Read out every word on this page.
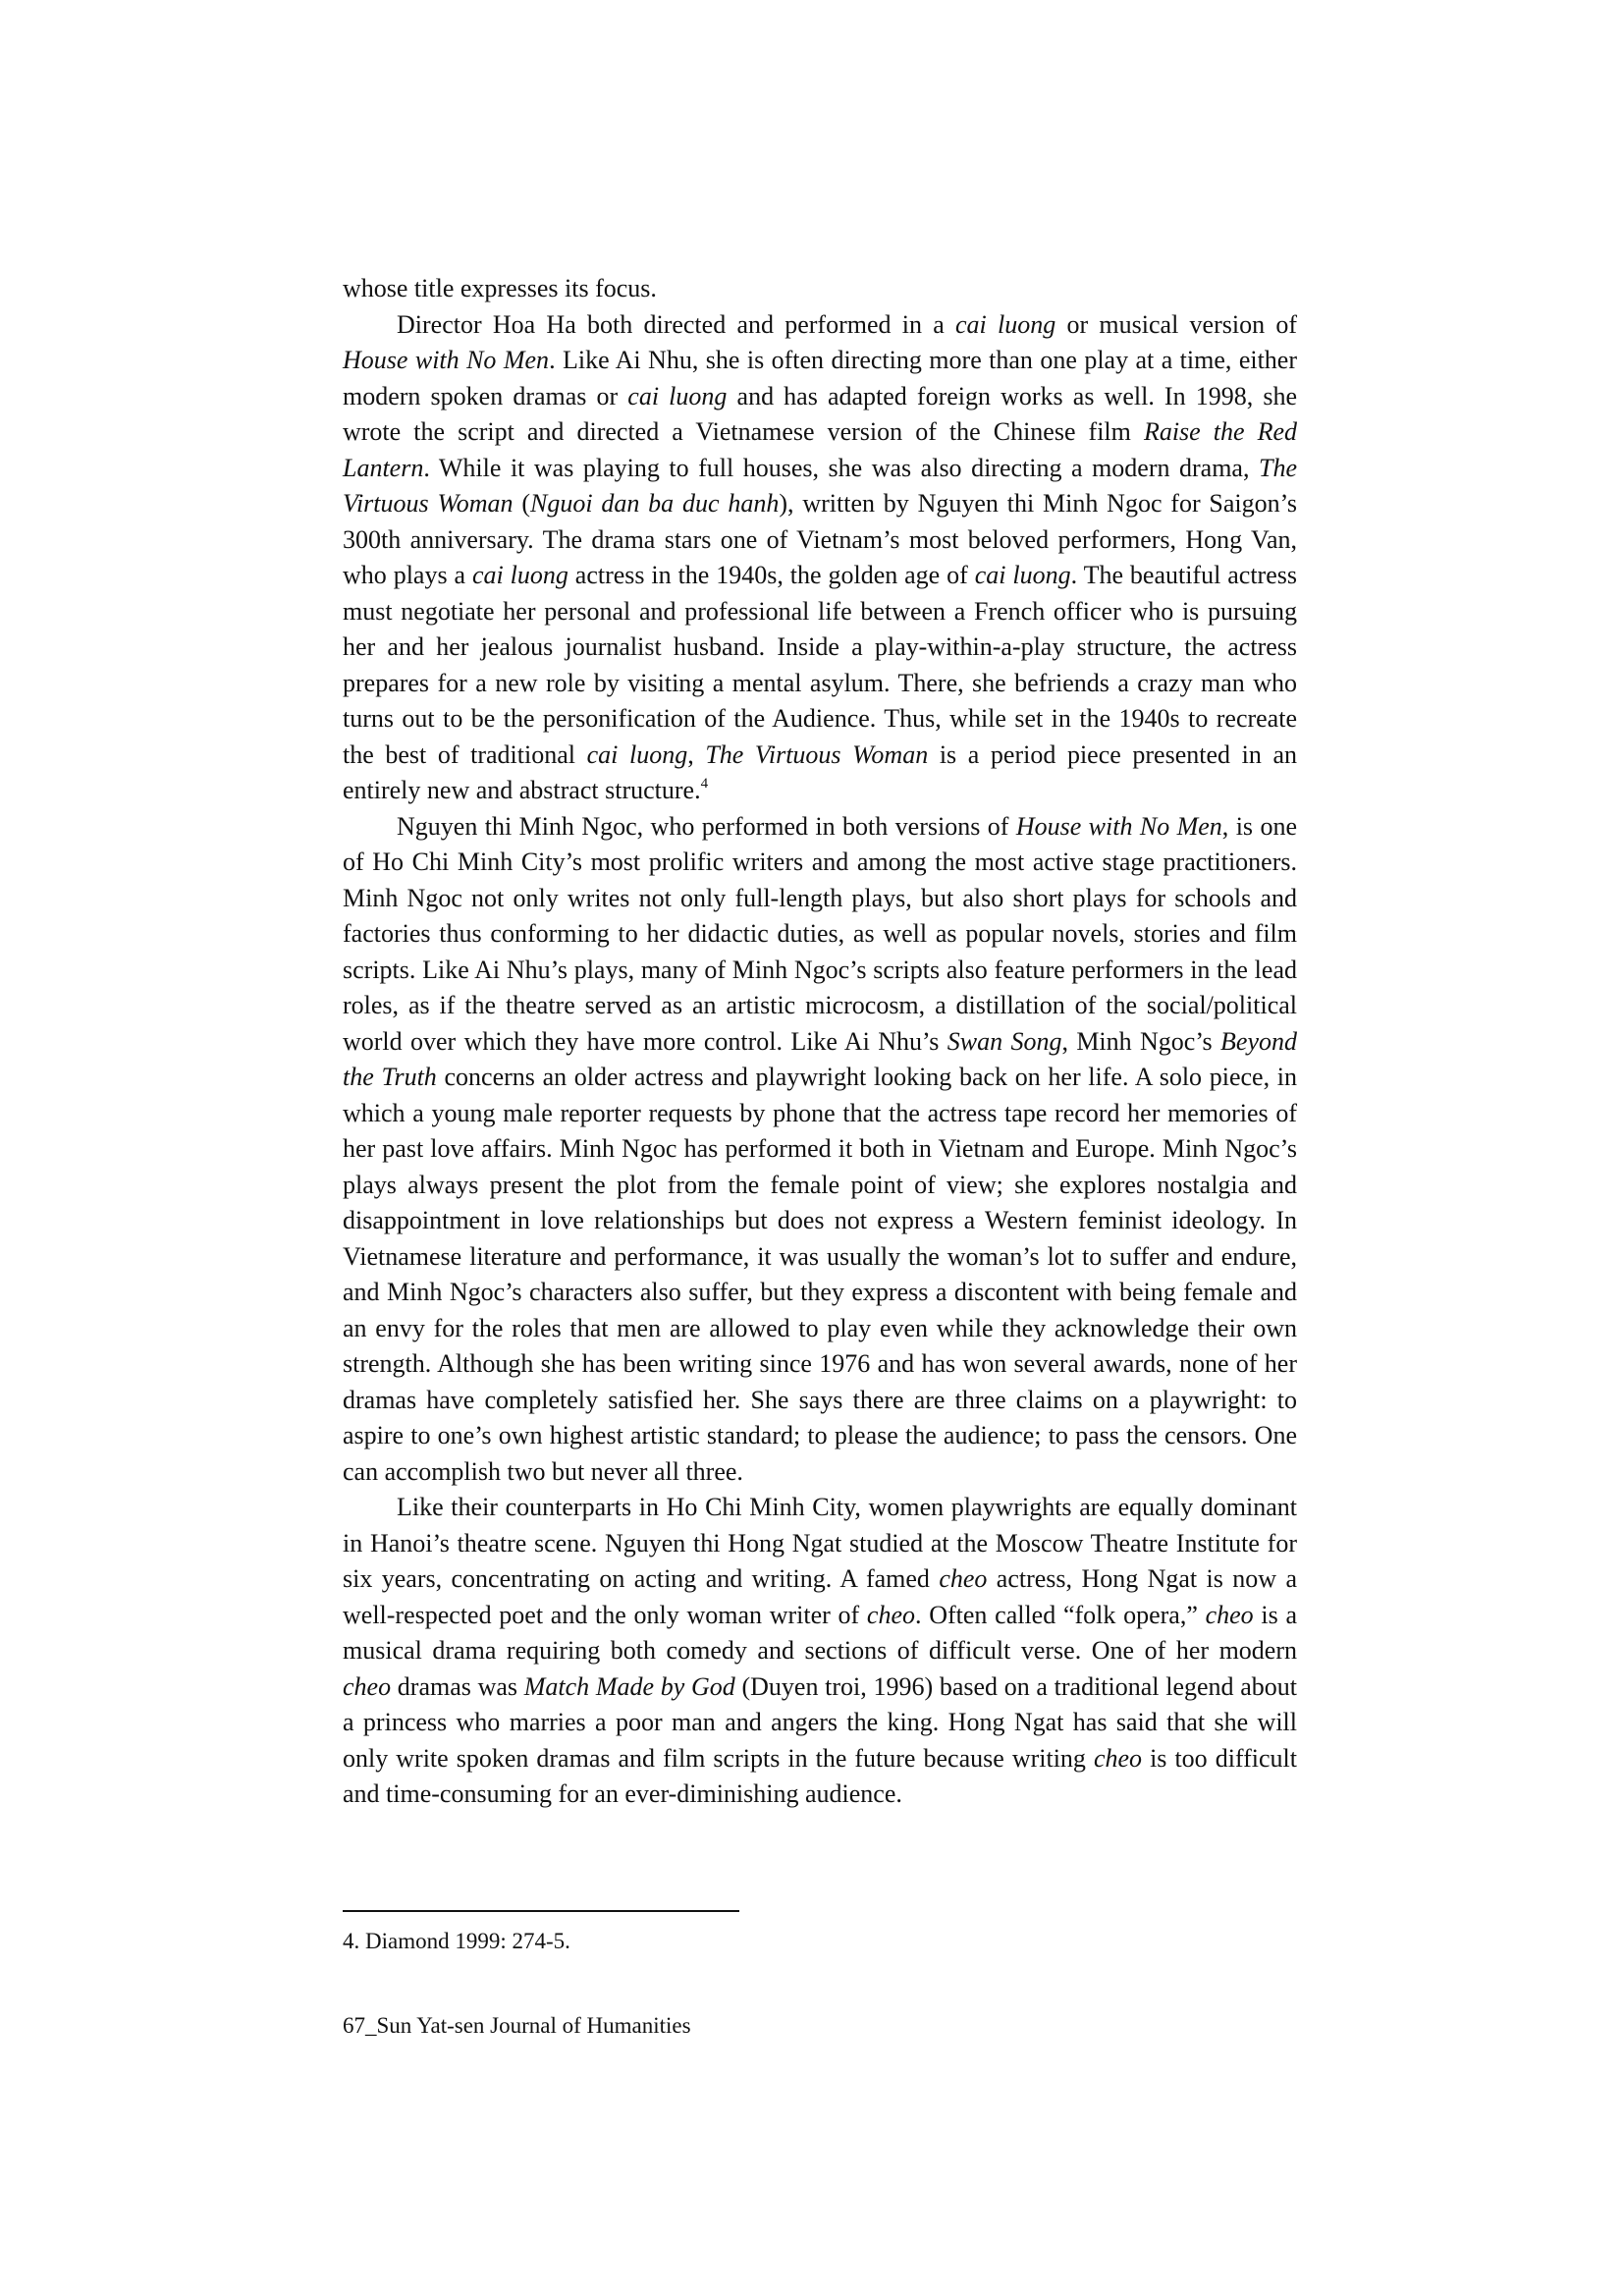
whose title expresses its focus.

Director Hoa Ha both directed and performed in a cai luong or musical version of House with No Men. Like Ai Nhu, she is often directing more than one play at a time, either modern spoken dramas or cai luong and has adapted foreign works as well. In 1998, she wrote the script and directed a Vietnamese version of the Chinese film Raise the Red Lantern. While it was playing to full houses, she was also directing a modern drama, The Virtuous Woman (Nguoi dan ba duc hanh), written by Nguyen thi Minh Ngoc for Saigon’s 300th anniversary. The drama stars one of Vietnam’s most beloved performers, Hong Van, who plays a cai luong actress in the 1940s, the golden age of cai luong. The beautiful actress must negotiate her personal and professional life between a French officer who is pursuing her and her jealous journalist husband. Inside a play-within-a-play structure, the actress prepares for a new role by visiting a mental asylum. There, she befriends a crazy man who turns out to be the personification of the Audience. Thus, while set in the 1940s to recreate the best of traditional cai luong, The Virtuous Woman is a period piece presented in an entirely new and abstract structure.$^4$

Nguyen thi Minh Ngoc, who performed in both versions of House with No Men, is one of Ho Chi Minh City’s most prolific writers and among the most active stage practitioners. Minh Ngoc not only writes not only full-length plays, but also short plays for schools and factories thus conforming to her didactic duties, as well as popular novels, stories and film scripts. Like Ai Nhu’s plays, many of Minh Ngoc’s scripts also feature performers in the lead roles, as if the theatre served as an artistic microcosm, a distillation of the social/political world over which they have more control. Like Ai Nhu’s Swan Song, Minh Ngoc’s Beyond the Truth concerns an older actress and playwright looking back on her life. A solo piece, in which a young male reporter requests by phone that the actress tape record her memories of her past love affairs. Minh Ngoc has performed it both in Vietnam and Europe. Minh Ngoc’s plays always present the plot from the female point of view; she explores nostalgia and disappointment in love relationships but does not express a Western feminist ideology. In Vietnamese literature and performance, it was usually the woman’s lot to suffer and endure, and Minh Ngoc’s characters also suffer, but they express a discontent with being female and an envy for the roles that men are allowed to play even while they acknowledge their own strength. Although she has been writing since 1976 and has won several awards, none of her dramas have completely satisfied her. She says there are three claims on a playwright: to aspire to one’s own highest artistic standard; to please the audience; to pass the censors. One can accomplish two but never all three.

Like their counterparts in Ho Chi Minh City, women playwrights are equally dominant in Hanoi’s theatre scene. Nguyen thi Hong Ngat studied at the Moscow Theatre Institute for six years, concentrating on acting and writing. A famed cheo actress, Hong Ngat is now a well-respected poet and the only woman writer of cheo. Often called “folk opera,” cheo is a musical drama requiring both comedy and sections of difficult verse. One of her modern cheo dramas was Match Made by God (Duyen troi, 1996) based on a traditional legend about a princess who marries a poor man and angers the king. Hong Ngat has said that she will only write spoken dramas and film scripts in the future because writing cheo is too difficult and time-consuming for an ever-diminishing audience.

4. Diamond 1999: 274-5.
67_Sun Yat-sen Journal of Humanities
